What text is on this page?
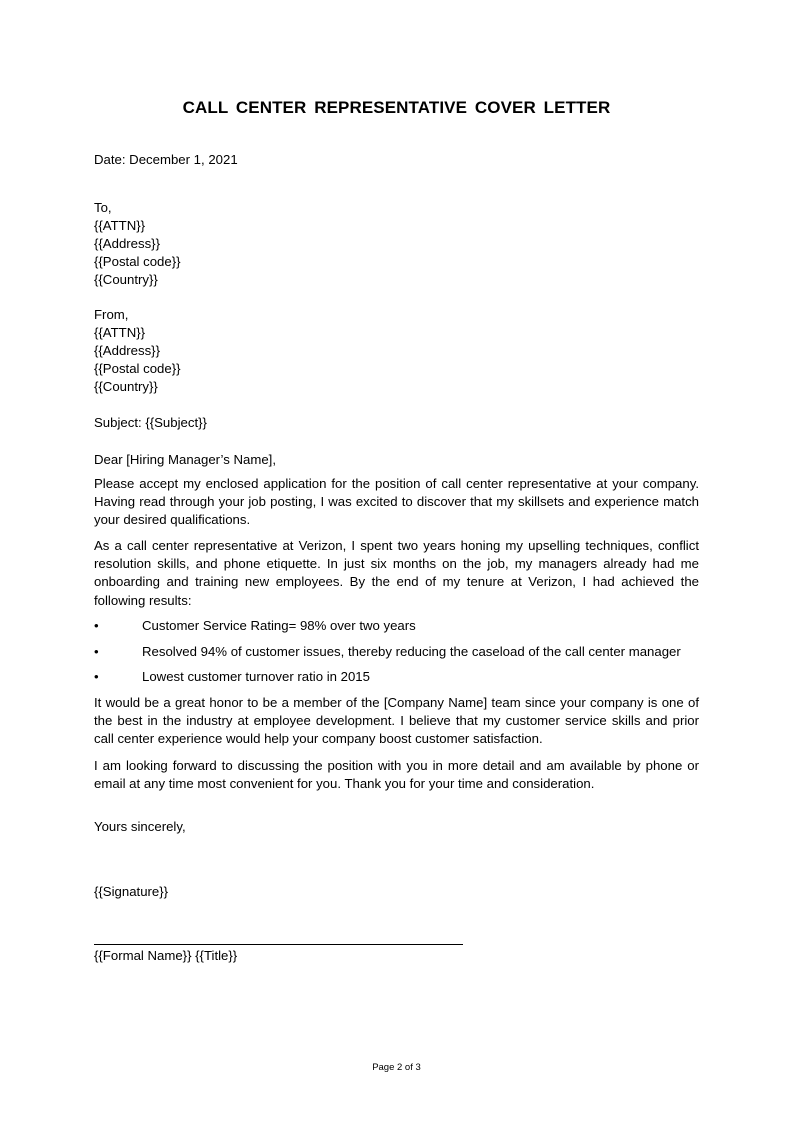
CALL CENTER REPRESENTATIVE COVER LETTER
Date: December 1, 2021
To,
{{ATTN}}
{{Address}}
{{Postal code}}
{{Country}}
From,
{{ATTN}}
{{Address}}
{{Postal code}}
{{Country}}
Subject: {{Subject}}
Dear [Hiring Manager’s Name],
Please accept my enclosed application for the position of call center representative at your company. Having read through your job posting, I was excited to discover that my skillsets and experience match your desired qualifications.
As a call center representative at Verizon, I spent two years honing my upselling techniques, conflict resolution skills, and phone etiquette. In just six months on the job, my managers already had me onboarding and training new employees. By the end of my tenure at Verizon, I had achieved the following results:
•	Customer Service Rating= 98% over two years
•	Resolved 94% of customer issues, thereby reducing the caseload of the call center manager
•	Lowest customer turnover ratio in 2015
It would be a great honor to be a member of the [Company Name] team since your company is one of the best in the industry at employee development. I believe that my customer service skills and prior call center experience would help your company boost customer satisfaction.
I am looking forward to discussing the position with you in more detail and am available by phone or email at any time most convenient for you. Thank you for your time and consideration.
Yours sincerely,
{{Signature}}
{{Formal Name}} {{Title}}
Page 2 of 3
